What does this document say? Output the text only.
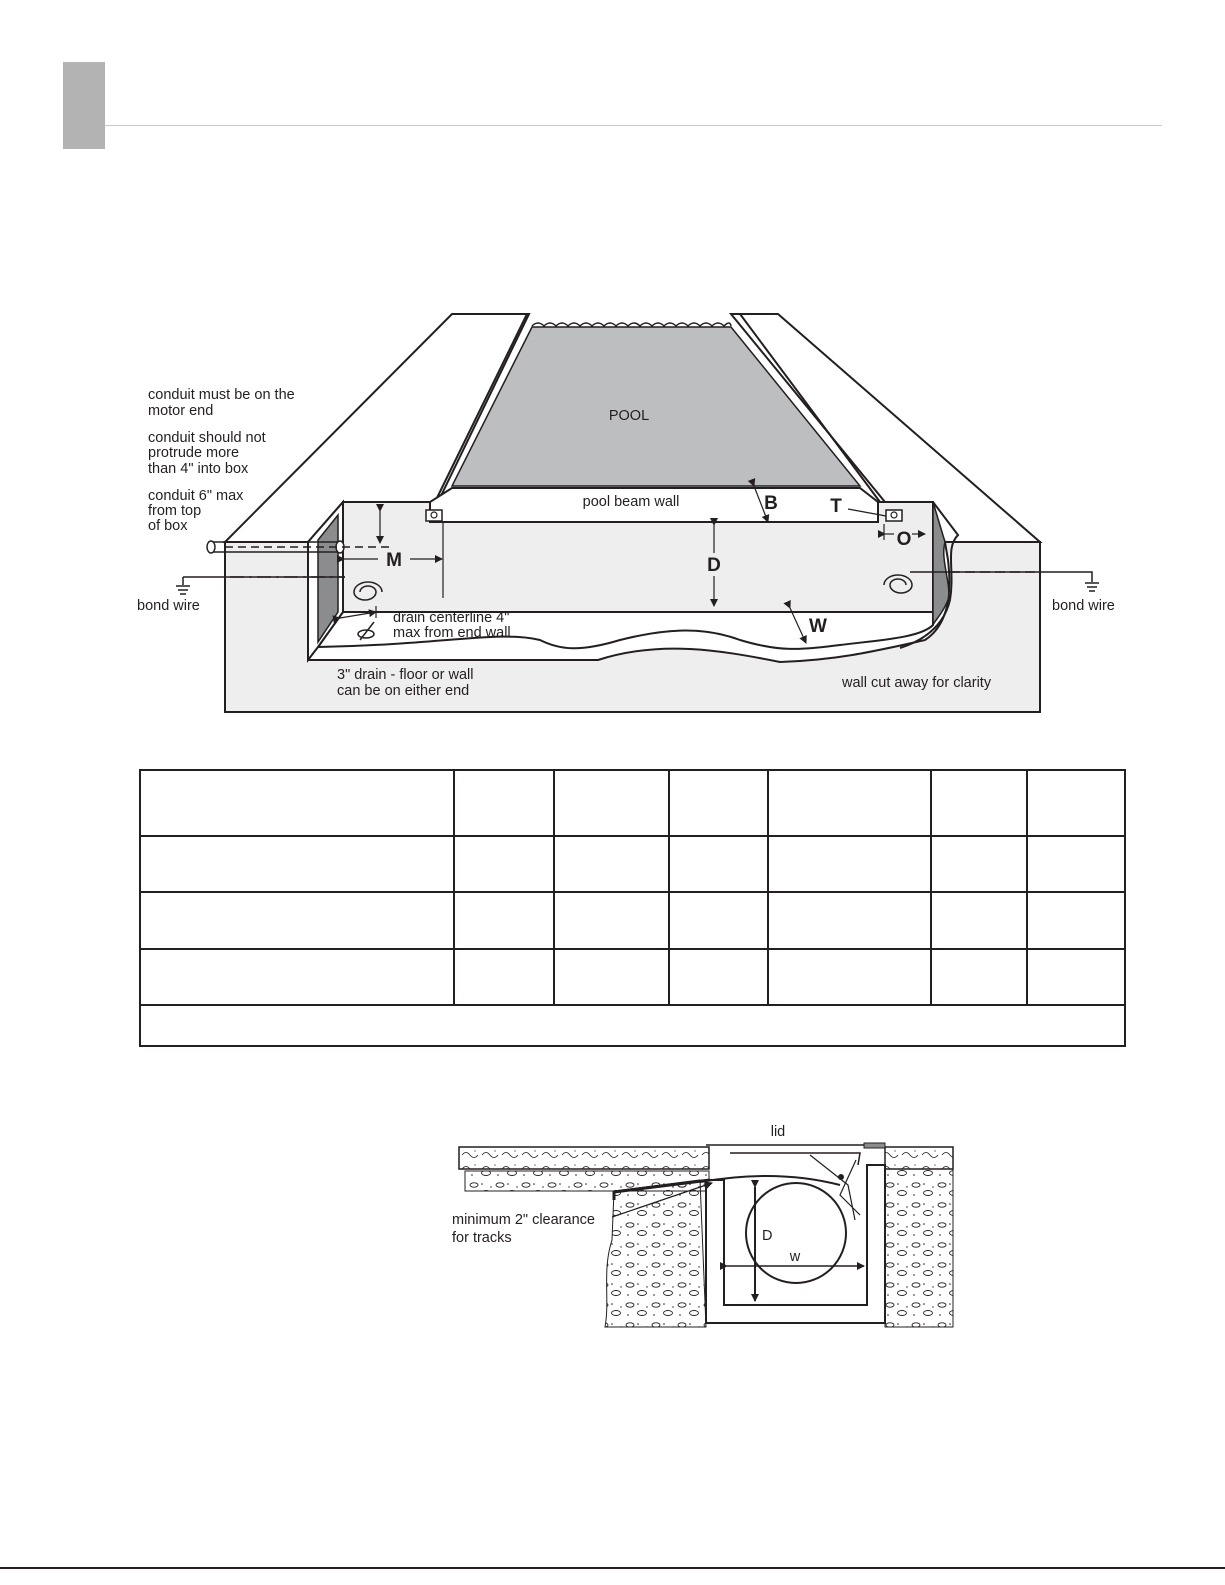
POOL
pool beam wall
conduit must be on the motor end
conduit should not protrude more than 4" into box
conduit 6" max from top of box
bond wire	bond wire
drain centerline 4" max from end wall
3" drain - floor or wall can be on either end	wall cut away for clarity
M	D
B	T
O
W

lid
minimum 2" clearance for tracks	D
w
